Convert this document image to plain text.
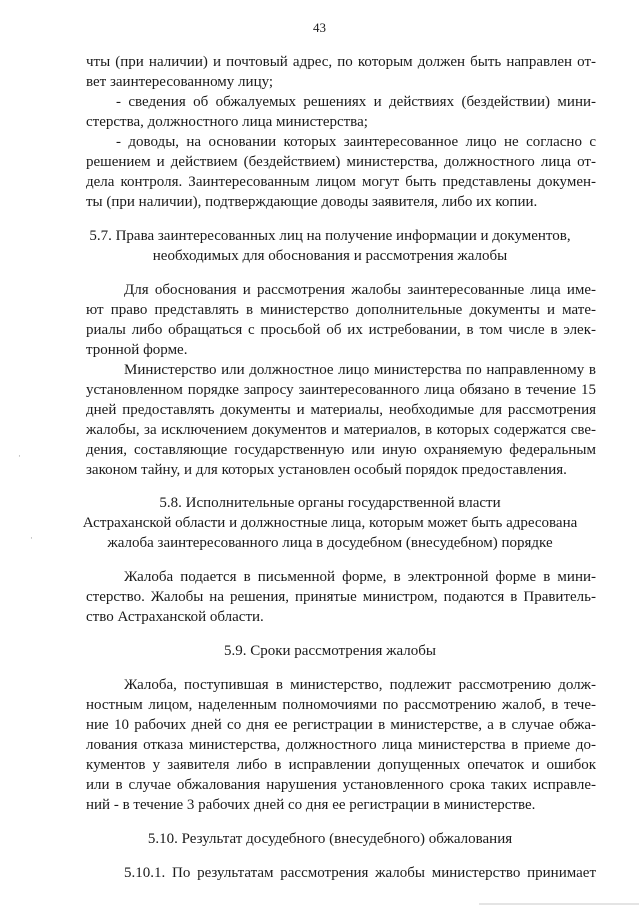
43
чты (при наличии) и почтовый адрес, по которым должен быть направлен от-
вет заинтересованному лицу;
- сведения об обжалуемых решениях и действиях (бездействии) мини-
стерства, должностного лица министерства;
- доводы, на основании которых заинтересованное лицо не согласно с
решением и действием (бездействием) министерства, должностного лица от-
дела контроля. Заинтересованным лицом могут быть представлены докумен-
ты (при наличии), подтверждающие доводы заявителя, либо их копии.
5.7. Права заинтересованных лиц на получение информации и документов,
необходимых для обоснования и рассмотрения жалобы
Для обоснования и рассмотрения жалобы заинтересованные лица име-
ют право представлять в министерство дополнительные документы и мате-
риалы либо обращаться с просьбой об их истребовании, в том числе в элек-
тронной форме.
Министерство или должностное лицо министерства по направленному в
установленном порядке запросу заинтересованного лица обязано в течение 15
дней предоставлять документы и материалы, необходимые для рассмотрения
жалобы, за исключением документов и материалов, в которых содержатся све-
дения, составляющие государственную или иную охраняемую федеральным
законом тайну, и для которых установлен особый порядок предоставления.
5.8. Исполнительные органы государственной власти
Астраханской области и должностные лица, которым может быть адресована
жалоба заинтересованного лица в досудебном (внесудебном) порядке
Жалоба подается в письменной форме, в электронной форме в мини-
стерство. Жалобы на решения, принятые министром, подаются в Правитель-
ство Астраханской области.
5.9. Сроки рассмотрения жалобы
Жалоба, поступившая в министерство, подлежит рассмотрению долж-
ностным лицом, наделенным полномочиями по рассмотрению жалоб, в тече-
ние 10 рабочих дней со дня ее регистрации в министерстве, а в случае обжа-
лования отказа министерства, должностного лица министерства в приеме до-
кументов у заявителя либо в исправлении допущенных опечаток и ошибок
или в случае обжалования нарушения установленного срока таких исправле-
ний - в течение 3 рабочих дней со дня ее регистрации в министерстве.
5.10. Результат досудебного (внесудебного) обжалования
5.10.1. По результатам рассмотрения жалобы министерство принимает
·
·
